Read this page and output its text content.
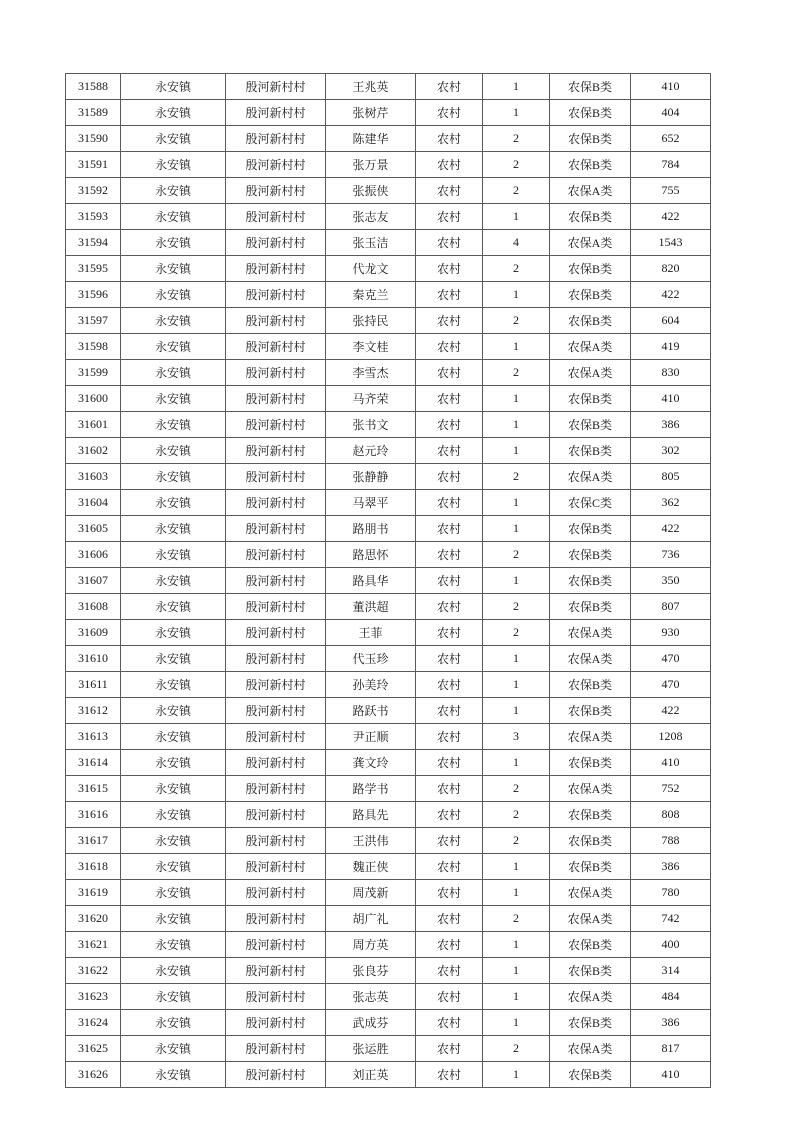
31588	永安镇	殷河新村村	王兆英	农村	1	农保B类	410
31589	永安镇	殷河新村村	张树芹	农村	1	农保B类	404
31590	永安镇	殷河新村村	陈建华	农村	2	农保B类	652
31591	永安镇	殷河新村村	张万景	农村	2	农保B类	784
31592	永安镇	殷河新村村	张振侠	农村	2	农保A类	755
31593	永安镇	殷河新村村	张志友	农村	1	农保B类	422
31594	永安镇	殷河新村村	张玉洁	农村	4	农保A类	1543
31595	永安镇	殷河新村村	代龙文	农村	2	农保B类	820
31596	永安镇	殷河新村村	秦克兰	农村	1	农保B类	422
31597	永安镇	殷河新村村	张持民	农村	2	农保B类	604
31598	永安镇	殷河新村村	李文桂	农村	1	农保A类	419
31599	永安镇	殷河新村村	李雪杰	农村	2	农保A类	830
31600	永安镇	殷河新村村	马齐荣	农村	1	农保B类	410
31601	永安镇	殷河新村村	张书文	农村	1	农保B类	386
31602	永安镇	殷河新村村	赵元玲	农村	1	农保B类	302
31603	永安镇	殷河新村村	张静静	农村	2	农保A类	805
31604	永安镇	殷河新村村	马翠平	农村	1	农保C类	362
31605	永安镇	殷河新村村	路朋书	农村	1	农保B类	422
31606	永安镇	殷河新村村	路思怀	农村	2	农保B类	736
31607	永安镇	殷河新村村	路具华	农村	1	农保B类	350
31608	永安镇	殷河新村村	董洪超	农村	2	农保B类	807
31609	永安镇	殷河新村村	王菲	农村	2	农保A类	930
31610	永安镇	殷河新村村	代玉珍	农村	1	农保A类	470
31611	永安镇	殷河新村村	孙美玲	农村	1	农保B类	470
31612	永安镇	殷河新村村	路跃书	农村	1	农保B类	422
31613	永安镇	殷河新村村	尹正顺	农村	3	农保A类	1208
31614	永安镇	殷河新村村	龚文玲	农村	1	农保B类	410
31615	永安镇	殷河新村村	路学书	农村	2	农保A类	752
31616	永安镇	殷河新村村	路具先	农村	2	农保B类	808
31617	永安镇	殷河新村村	王洪伟	农村	2	农保B类	788
31618	永安镇	殷河新村村	魏正侠	农村	1	农保B类	386
31619	永安镇	殷河新村村	周茂新	农村	1	农保A类	780
31620	永安镇	殷河新村村	胡广礼	农村	2	农保A类	742
31621	永安镇	殷河新村村	周方英	农村	1	农保B类	400
31622	永安镇	殷河新村村	张良芬	农村	1	农保B类	314
31623	永安镇	殷河新村村	张志英	农村	1	农保A类	484
31624	永安镇	殷河新村村	武成芬	农村	1	农保B类	386
31625	永安镇	殷河新村村	张运胜	农村	2	农保A类	817
31626	永安镇	殷河新村村	刘正英	农村	1	农保B类	410
